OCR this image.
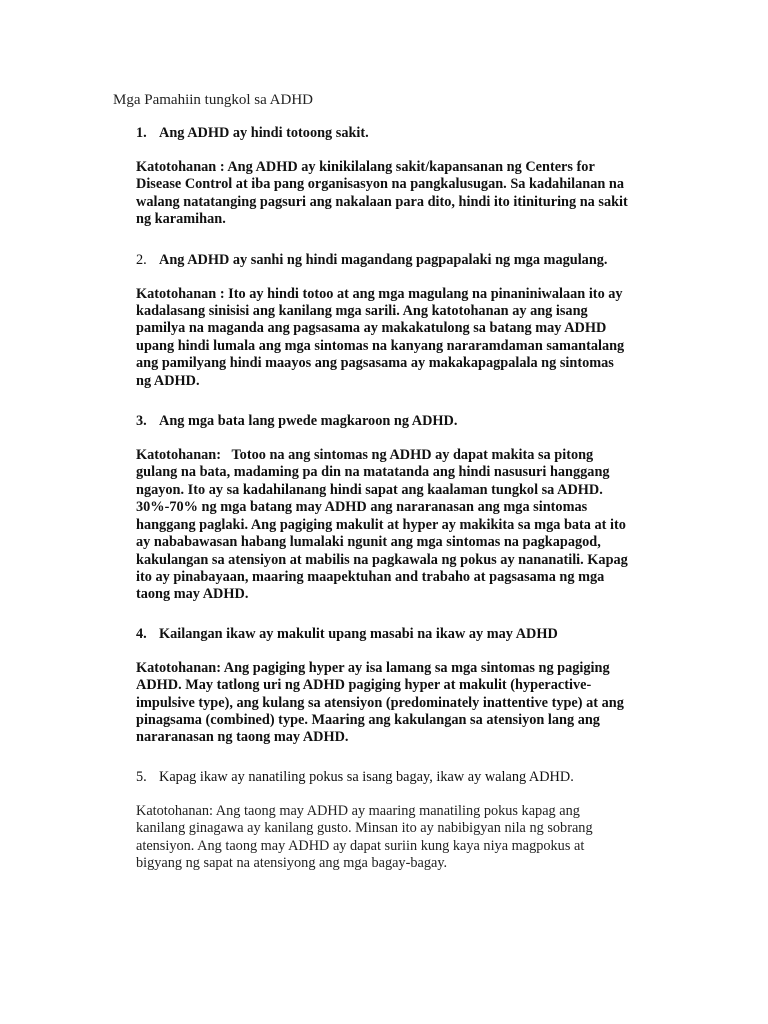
Mga Pamahiin tungkol sa ADHD
1. Ang ADHD ay hindi totoong sakit.

Katotohanan : Ang ADHD ay kinikilalang sakit/kapansanan ng Centers for
Disease Control at iba pang organisasyon na pangkalusugan. Sa kadahilanan na
walang natatanging pagsuri ang nakalaan para dito, hindi ito itinituring na sakit
ng karamihan.

2. Ang ADHD ay sanhi ng hindi magandang pagpapalaki ng mga magulang.

Katotohanan : Ito ay hindi totoo at ang mga magulang na pinaniniwalaan ito ay
kadalasang sinisisi ang kanilang mga sarili. Ang katotohanan ay ang isang
pamilya na maganda ang pagsasama ay makakatulong sa batang may ADHD
upang hindi lumala ang mga sintomas na kanyang nararamdaman samantalang
ang pamilyang hindi maayos ang pagsasama ay makakapagpalala ng sintomas
ng ADHD.

3. Ang mga bata lang pwede magkaroon ng ADHD.

Katotohanan:   Totoo na ang sintomas ng ADHD ay dapat makita sa pitong
gulang na bata, madaming pa din na matatanda ang hindi nasusuri hanggang
ngayon. Ito ay sa kadahilanang hindi sapat ang kaalaman tungkol sa ADHD.
30%-70% ng mga batang may ADHD ang nararanasan ang mga sintomas
hanggang paglaki. Ang pagiging makulit at hyper ay makikita sa mga bata at ito
ay nababawasan habang lumalaki ngunit ang mga sintomas na pagkapagod,
kakulangan sa atensiyon at mabilis na pagkawala ng pokus ay nananatili. Kapag
ito ay pinabayaan, maaring maapektuhan and trabaho at pagsasama ng mga
taong may ADHD.

4. Kailangan ikaw ay makulit upang masabi na ikaw ay may ADHD

Katotohanan: Ang pagiging hyper ay isa lamang sa mga sintomas ng pagiging
ADHD. May tatlong uri ng ADHD pagiging hyper at makulit (hyperactive-
impulsive type), ang kulang sa atensiyon (predominately inattentive type) at ang
pinagsama (combined) type. Maaring ang kakulangan sa atensiyon lang ang
nararanasan ng taong may ADHD.

5. Kapag ikaw ay nanatiling pokus sa isang bagay, ikaw ay walang ADHD.

Katotohanan: Ang taong may ADHD ay maaring manatiling pokus kapag ang
kanilang ginagawa ay kanilang gusto. Minsan ito ay nabibigyan nila ng sobrang
atensiyon. Ang taong may ADHD ay dapat suriin kung kaya niya magpokus at
bigyang ng sapat na atensiyong ang mga bagay-bagay.
